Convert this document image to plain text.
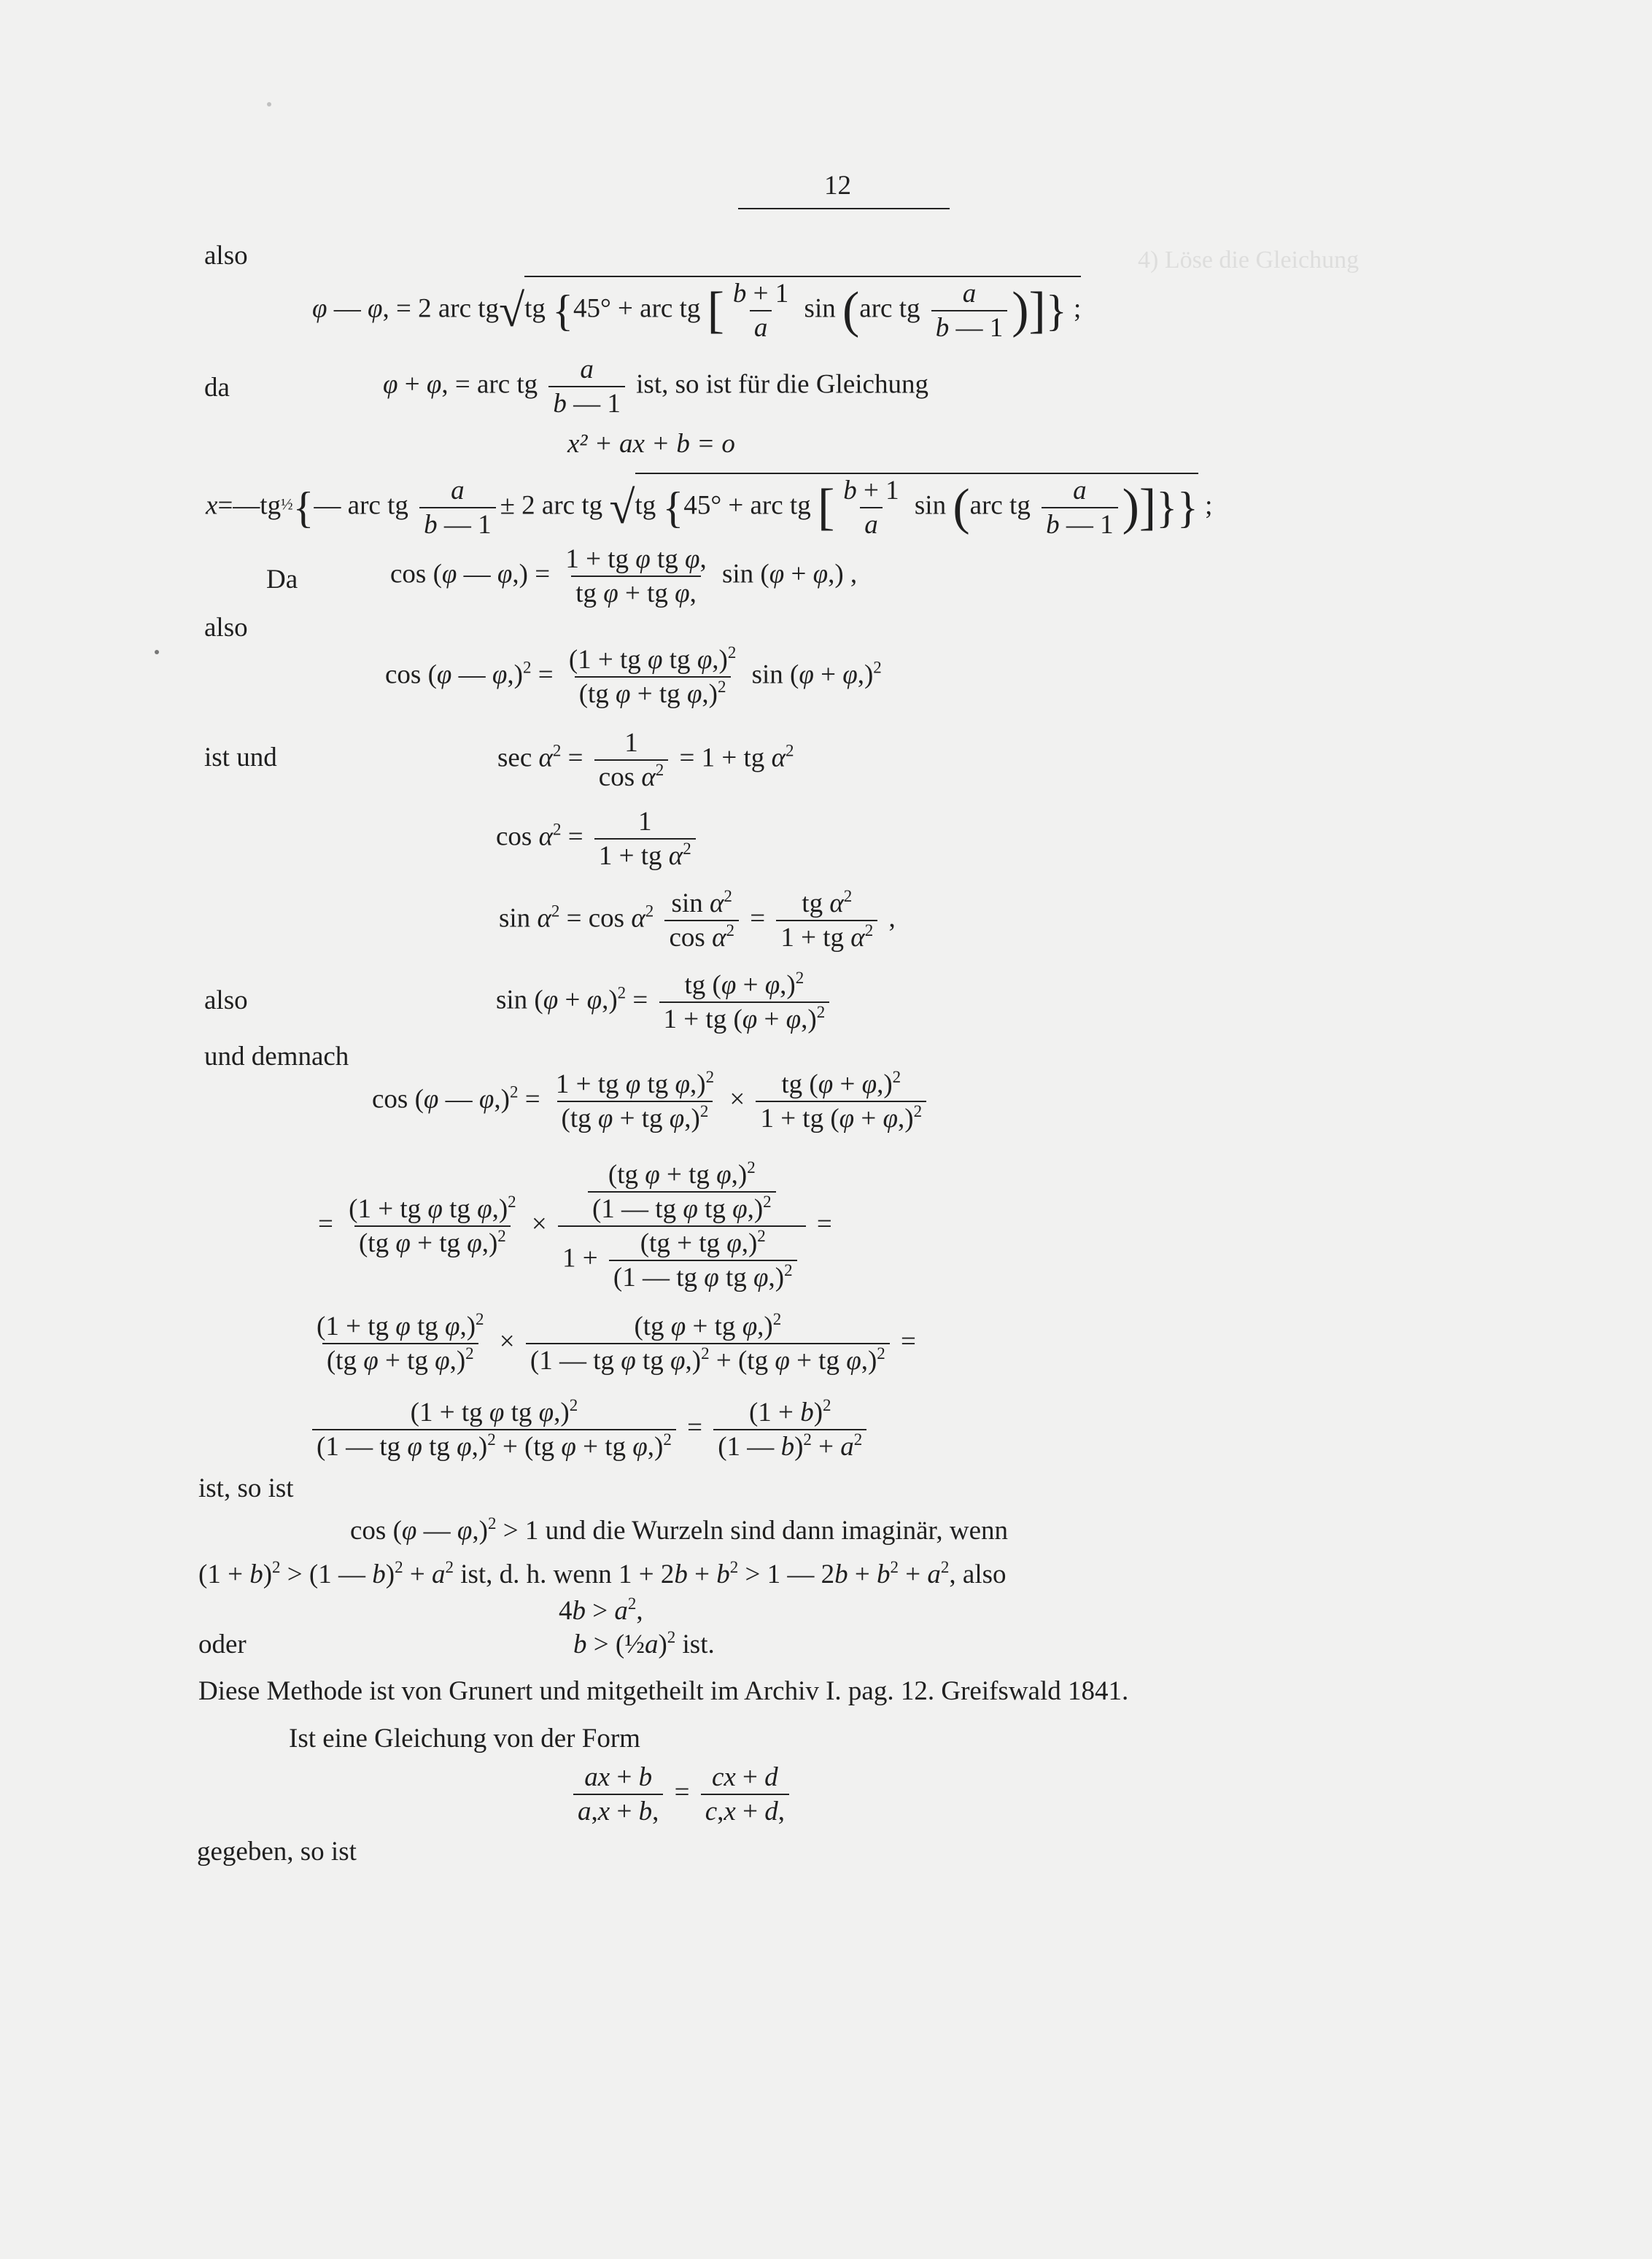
12
4) Löse die Gleichung
also
φ — φ, = 2 arc tg√tg {45° + arc tg [ $\frac{b + 1}{a}$ sin (arc tg $\frac{a}{b — 1}$ )]} ;
da	φ + φ, = arc tg $\frac{a}{b — 1}$ ist, so ist für die Gleichung
x² + ax + b = o
x=—tg½{— arc tg $\frac{a}{b — 1} \pm 2$ arc tg √tg {45° + arc tg [ $\frac{b + 1}{a}$ sin (arc tg $\frac{a}{b — 1}$ )]}} ;
Da	cos (φ — $\varphi,) = \frac{\text{1 + tg φ tg φ,}}{\text{tg φ + tg φ,}}$ sin (φ + φ,) ,
also
cos (φ — $\varphi,)^2 = \frac{(1 + tg \varphi tg \varphi,)^2}{(tg \varphi + tg \varphi,)^2}$ $\sin (\varphi + \varphi,)^2$
ist und	$\sec \alpha^2 = \frac{1}{\cos \alpha^2} = 1$ + tg $\alpha^2$
$\cos \alpha^2 = \frac{1}{1 + tg \alpha^2}$
$\sin \alpha^2 = \cos \alpha^2 \frac{\sin \alpha^2}{\cos \alpha^2} = \frac{tg \alpha^2}{1 + tg \alpha^2}$ ,
also	$\sin (\varphi + \varphi,)^2 = \frac{tg (\varphi + \varphi,)^2}{1 + tg (\varphi + \varphi,)^2}$
und demnach
cos (φ — $\varphi,)^2 = \frac{1 + tg \varphi tg \varphi,)^2}{(tg \varphi + tg \varphi,)^2} \times \frac{tg (\varphi + \varphi,)^2}{1 + tg (\varphi + \varphi,)^2}$
= $\frac{(1 + tg \varphi tg \varphi,)^2}{(tg \varphi + tg \varphi,)^2} \times \frac{\frac{(tg \varphi + tg \varphi,)^2}{(1 — tg \varphi tg \varphi,)^2}}{1 + \frac{(tg + tg \varphi,)^2}{(1 — tg \varphi tg \varphi,)^2}}$ =
$\frac{(1 + tg \varphi tg \varphi,)^2}{(tg \varphi + tg \varphi,)^2} \times \frac{(tg \varphi + tg \varphi,)^2}{(1 — tg \varphi tg \varphi,)^2 + (tg \varphi + tg \varphi,)^2}$ =
$\frac{(1 + tg \varphi tg \varphi,)^2}{(1 — tg \varphi tg \varphi,)^2 + (tg \varphi + tg \varphi,)^2} = \frac{(1 + b)^2}{(1 — b)^2 + a^2}$
ist, so ist
cos (φ — φ,)$^2$ > 1 und die Wurzeln sind dann imaginär, wenn
$(1 + b)^2 > (1$ — $b)^2 + a^2$ ist, d. h. wenn $1 + 2b + b^2 > 1$ — $2b + b^2 + a^2$, also
$4b > a^2$,
oder	b > (½a)$^2$ ist.
Diese Methode ist von Grunert und mitgetheilt im Archiv I. pag. 12. Greifswald 1841.
Ist eine Gleichung von der Form
$\frac{ax + b}{a,x + b,} = \frac{cx + d}{c,x + d,}$
gegeben, so ist
